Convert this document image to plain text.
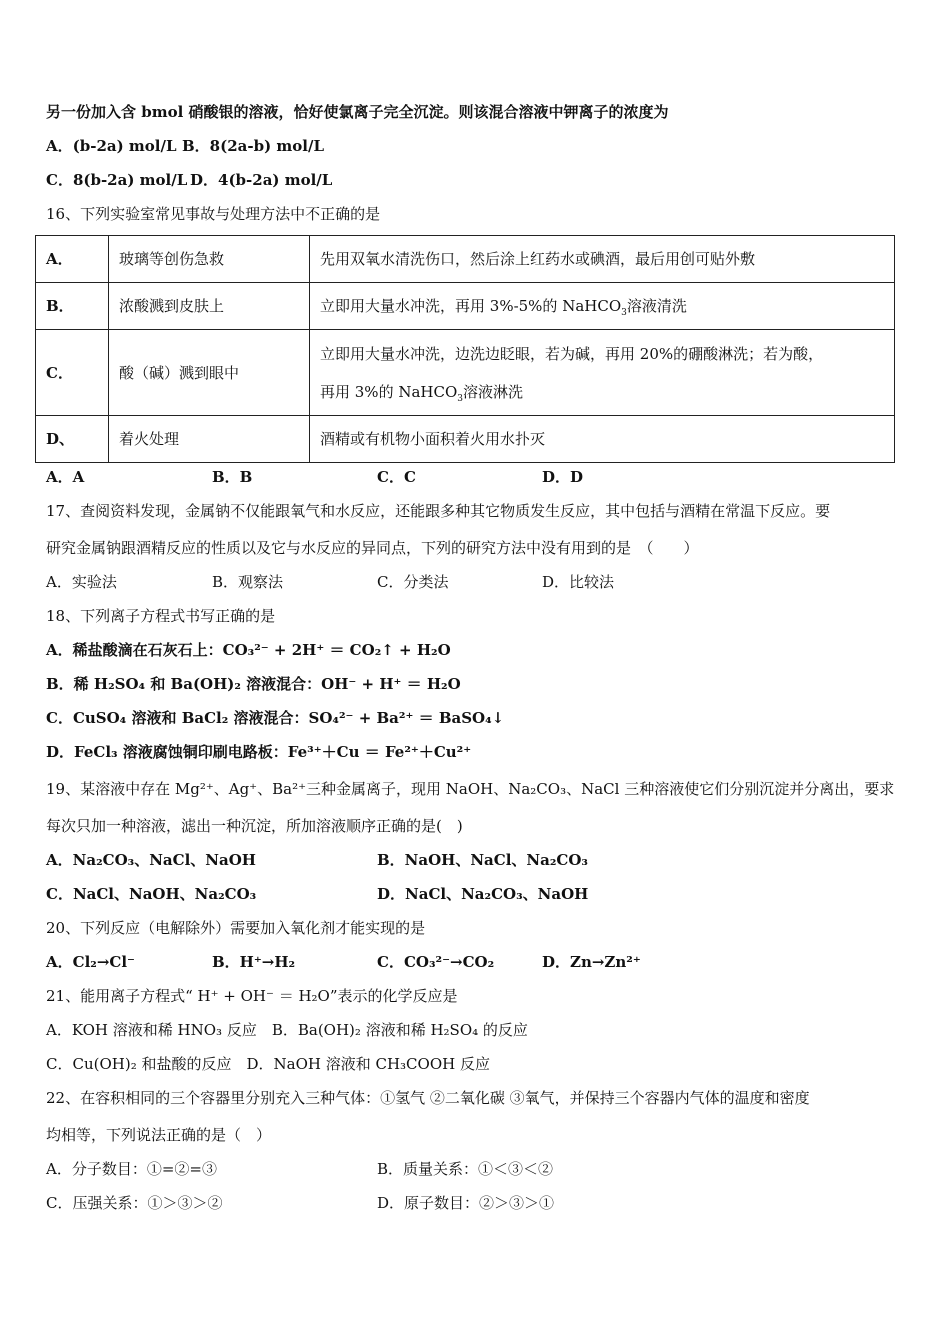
另一份加入含 bmol 硝酸银的溶液，恰好使氯离子完全沉淀。则该混合溶液中钾离子的浓度为
A．(b-2a) mol/L B．8(2a-b) mol/L
C．8(b-2a) mol/L D．4(b-2a) mol/L
16、下列实验室常见事故与处理方法中不正确的是
A．	玻璃等创伤急救	先用双氧水清洗伤口，然后涂上红药水或碘酒，最后用创可贴外敷
B．	浓酸溅到皮肤上	立即用大量水冲洗，再用 3%-5%的 NaHCO$_3$溶液清洗
C．	酸（碱）溅到眼中	立即用大量水冲洗，边洗边眨眼，若为碱，再用 20%的硼酸淋洗；若为酸，
再用 3%的 NaHCO$_3$溶液淋洗

D、	着火处理	酒精或有机物小面积着火用水扑灭
A．A	B．B	C．C	D．D
17、查阅资料发现，金属钠不仅能跟氧气和水反应，还能跟多种其它物质发生反应，其中包括与酒精在常温下反应。要
研究金属钠跟酒精反应的性质以及它与水反应的异同点，下列的研究方法中没有用到的是　（　　）
A．实验法	B．观察法	C．分类法	D．比较法
18、下列离子方程式书写正确的是
A．稀盐酸滴在石灰石上：CO₃²⁻ + 2H⁺ ＝ CO₂↑ + H₂O
B．稀 H₂SO₄ 和 Ba(OH)₂ 溶液混合：OH⁻ + H⁺ ＝ H₂O
C．CuSO₄ 溶液和 BaCl₂ 溶液混合：SO₄²⁻ + Ba²⁺ ＝ BaSO₄↓
D．FeCl₃ 溶液腐蚀铜印刷电路板：Fe³⁺＋Cu ＝ Fe²⁺＋Cu²⁺
19、某溶液中存在 Mg²⁺、Ag⁺、Ba²⁺三种金属离子，现用 NaOH、Na₂CO₃、NaCl 三种溶液使它们分别沉淀并分离出，要求
每次只加一种溶液，滤出一种沉淀，所加溶液顺序正确的是(　)
A．Na₂CO₃、NaCl、NaOH	B．NaOH、NaCl、Na₂CO₃
C．NaCl、NaOH、Na₂CO₃	D．NaCl、Na₂CO₃、NaOH
20、下列反应（电解除外）需要加入氧化剂才能实现的是
A．Cl₂→Cl⁻	B．H⁺→H₂	C．CO₃²⁻→CO₂	D．Zn→Zn²⁺
21、能用离子方程式“ H⁺ + OH⁻ ＝ H₂O”表示的化学反应是
A．KOH 溶液和稀 HNO₃ 反应　B．Ba(OH)₂ 溶液和稀 H₂SO₄ 的反应
C．Cu(OH)₂ 和盐酸的反应　D．NaOH 溶液和 CH₃COOH 反应
22、在容积相同的三个容器里分别充入三种气体：①氢气 ②二氧化碳 ③氧气，并保持三个容器内气体的温度和密度
均相等，下列说法正确的是（　）
A．分子数目：①=②=③	B．质量关系：①＜③＜②
C．压强关系：①＞③＞②	D．原子数目：②＞③＞①
